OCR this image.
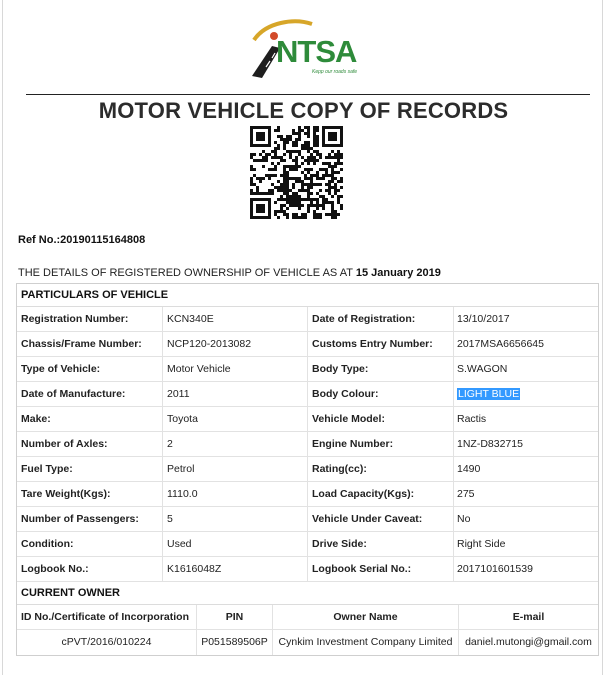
NTSA
Kepp our roads safe
MOTOR VEHICLE COPY OF RECORDS
Ref No.:20190115164808
THE DETAILS OF REGISTERED OWNERSHIP OF VEHICLE AS AT 15 January 2019
PARTICULARS OF VEHICLE
Registration Number:	KCN340E	Date of Registration:	13/10/2017
Chassis/Frame Number:	NCP120-2013082	Customs Entry Number:	2017MSA6656645
Type of Vehicle:	Motor Vehicle	Body Type:	S.WAGON
Date of Manufacture:	2011	Body Colour:	LIGHT BLUE
Make:	Toyota	Vehicle Model:	Ractis
Number of Axles:	2	Engine Number:	1NZ-D832715
Fuel Type:	Petrol	Rating(cc):	1490
Tare Weight(Kgs):	1110.0	Load Capacity(Kgs):	275
Number of Passengers:	5	Vehicle Under Caveat:	No
Condition:	Used	Drive Side:	Right Side
Logbook No.:	K1616048Z	Logbook Serial No.:	2017101601539
CURRENT OWNER
ID No./Certificate of Incorporation	PIN	Owner Name	E-mail
cPVT/2016/010224	P051589506P	Cynkim Investment Company Limited	daniel.mutongi@gmail.com
